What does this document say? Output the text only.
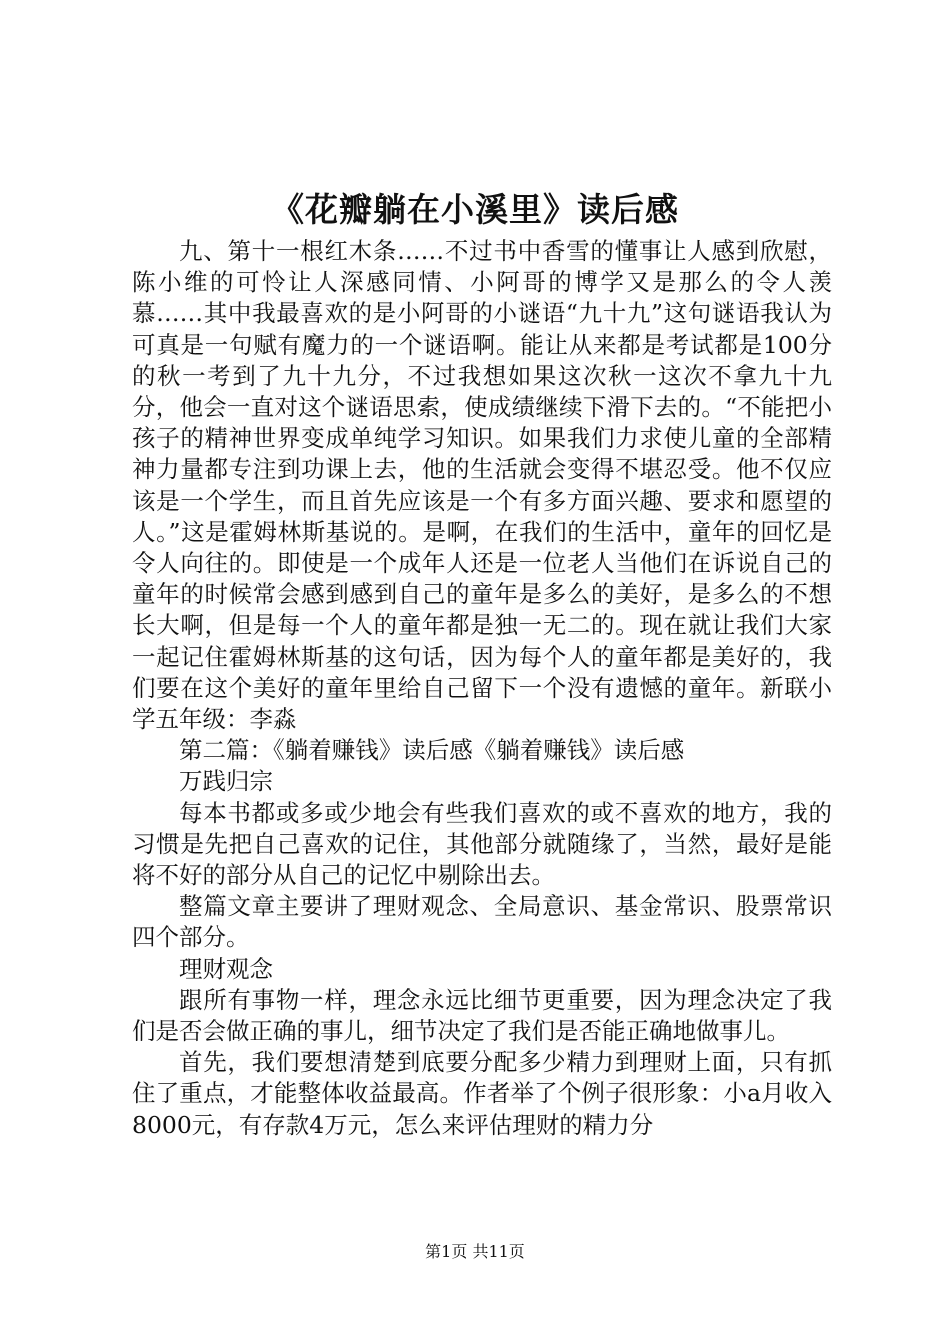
《花瓣躺在小溪里》读后感

九、第十一根红木条……不过书中香雪的懂事让人感到欣慰，陈小维的可怜让人深感同情、小阿哥的博学又是那么的令人羡慕……其中我最喜欢的是小阿哥的小谜语“九十九”这句谜语我认为可真是一句赋有魔力的一个谜语啊。能让从来都是考试都是100分的秋一考到了九十九分，不过我想如果这次秋一这次不拿九十九分，他会一直对这个谜语思索，使成绩继续下滑下去的。“不能把小孩子的精神世界变成单纯学习知识。如果我们力求使儿童的全部精神力量都专注到功课上去，他的生活就会变得不堪忍受。他不仅应该是一个学生，而且首先应该是一个有多方面兴趣、要求和愿望的人。”这是霍姆林斯基说的。是啊，在我们的生活中，童年的回忆是令人向往的。即使是一个成年人还是一位老人当他们在诉说自己的童年的时候常会感到感到自己的童年是多么的美好，是多么的不想长大啊，但是每一个人的童年都是独一无二的。现在就让我们大家一起记住霍姆林斯基的这句话，因为每个人的童年都是美好的，我们要在这个美好的童年里给自己留下一个没有遗憾的童年。新联小学五年级：李淼

第二篇：《躺着赚钱》读后感《躺着赚钱》读后感

万践归宗

每本书都或多或少地会有些我们喜欢的或不喜欢的地方，我的习惯是先把自己喜欢的记住，其他部分就随缘了，当然，最好是能将不好的部分从自己的记忆中剔除出去。

整篇文章主要讲了理财观念、全局意识、基金常识、股票常识四个部分。

理财观念

跟所有事物一样，理念永远比细节更重要，因为理念决定了我们是否会做正确的事儿，细节决定了我们是否能正确地做事儿。

首先，我们要想清楚到底要分配多少精力到理财上面，只有抓住了重点，才能整体收益最高。作者举了个例子很形象：小a月收入8000元，有存款4万元，怎么来评估理财的精力分

第1页 共11页
